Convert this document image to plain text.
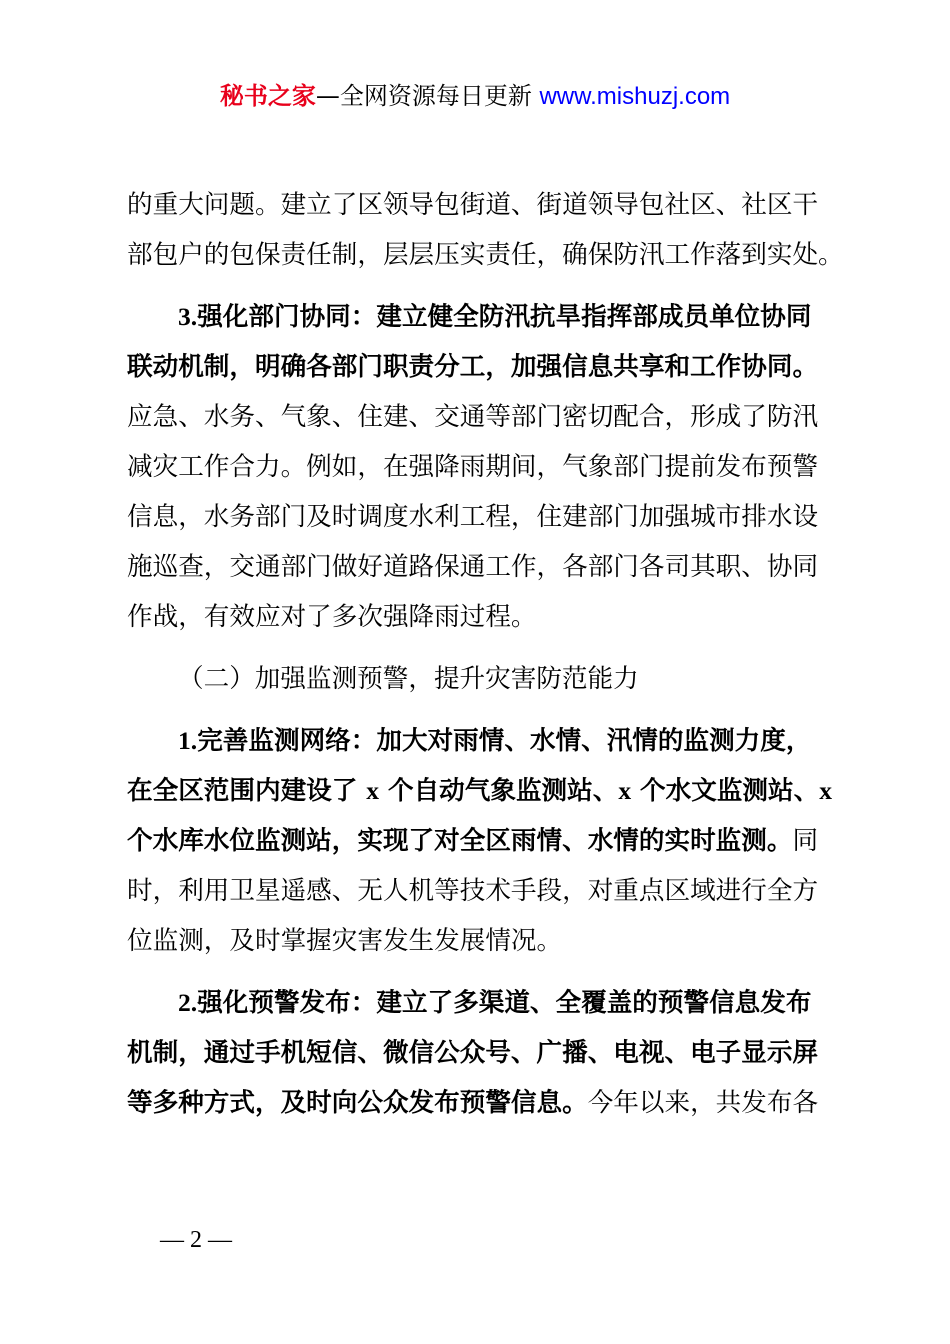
秘书之家—全网资源每日更新 www.mishuzj.com
的重大问题。建立了区领导包街道、街道领导包社区、社区干
部包户的包保责任制，层层压实责任，确保防汛工作落到实处。
3.强化部门协同：建立健全防汛抗旱指挥部成员单位协同
联动机制，明确各部门职责分工，加强信息共享和工作协同。
应急、水务、气象、住建、交通等部门密切配合，形成了防汛
减灾工作合力。例如，在强降雨期间，气象部门提前发布预警
信息，水务部门及时调度水利工程，住建部门加强城市排水设
施巡查，交通部门做好道路保通工作，各部门各司其职、协同
作战，有效应对了多次强降雨过程。
（二）加强监测预警，提升灾害防范能力
1.完善监测网络：加大对雨情、水情、汛情的监测力度，
在全区范围内建设了 x 个自动气象监测站、x 个水文监测站、x
个水库水位监测站，实现了对全区雨情、水情的实时监测。同
时，利用卫星遥感、无人机等技术手段，对重点区域进行全方
位监测，及时掌握灾害发生发展情况。
2.强化预警发布：建立了多渠道、全覆盖的预警信息发布
机制，通过手机短信、微信公众号、广播、电视、电子显示屏
等多种方式，及时向公众发布预警信息。今年以来，共发布各
— 2 —
